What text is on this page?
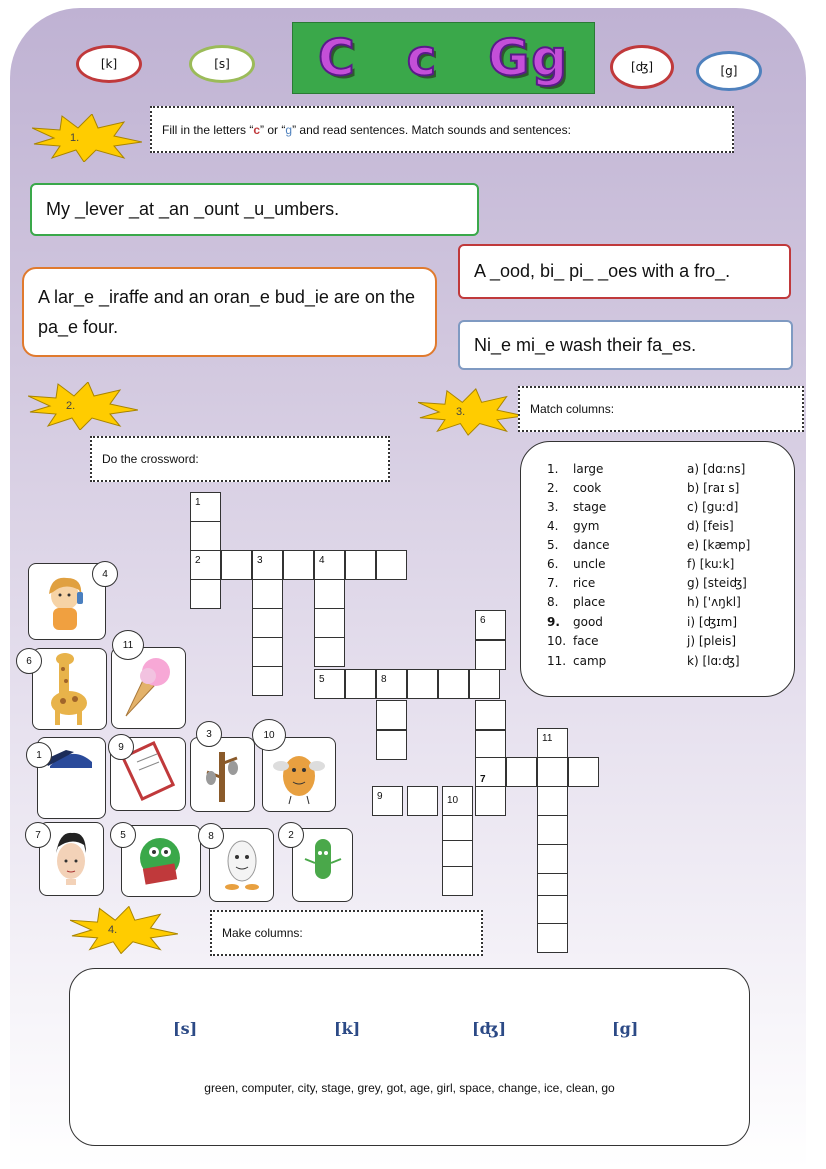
[k]	[s]	[ʤ]	[g]
C c Gg
1.
Fill in the letters “ c ” or “ g ” and read sentences. Match sounds and sentences:
My _lever _at _an _ount _u_umbers.
A _ood, bi_ pi_ _oes with a fro_.
A lar_e _iraffe and an oran_e bud_ie are on the pa_e four.
Ni_e mi_e wash their fa_es.
2.
Do the crossword:
3.	Match columns:
1
2	3	4
5	8
6
7
11
9	10
1. large	a) [dɑːns]
2. cook	b) [raɪ s]
3. stage	c) [guːd]
4. gym	d) [feis]
5. dance	e) [kæmp]
6. uncle	f) [kuːk]
7. rice	g) [steiʤ]
8. place	h) ['ʌŋkl]
9. good	i) [ʤɪm]
10. face	j) [pleis]
11. camp	k) [lɑːʤ]
4
11
6
1
9
3	10
7	5	8	2
4.	Make columns:
[s]	[k]	[ʤ]	[g]
green, computer, city, stage, grey, got, age, girl, space, change, ice, clean, go
